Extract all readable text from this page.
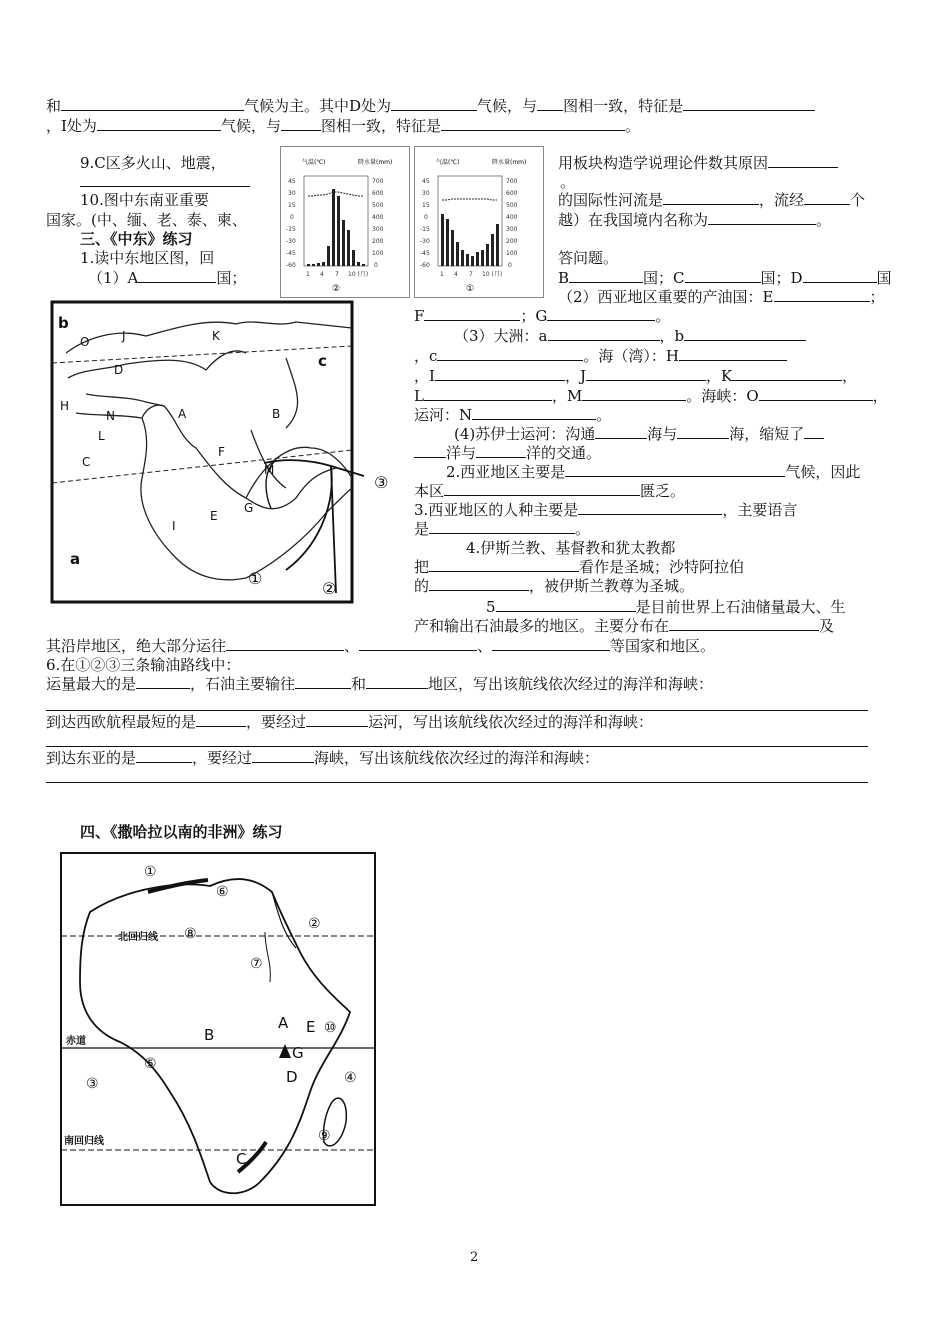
和	气候为主。其中D处为	气候，与 图相一致，特征是
，I处为	气候，与	图相一致，特征是	。
9.C区多火山、地震，	用板块构造学说理论件数其原因
。
10.图中东南亚重要	的国际性河流是	，流经	个
国家。(中、缅、老、泰、柬、	越）在我国境内名称为	。
三、《中东》练习
1.读中东地区图，回	答问题。
（1）A	国；
气温(℃)	降水量(mm)
45
30
15
0
-15
-30
-45
-60
700
600
500
400
300
200
100
0
1 4 7 10 (月)
②
气温(℃)	降水量(mm)
45
30
15
0
-15
-30
-45
-60
700
600
500
400
300
200
100
0
1 4 7 10 (月)
①
b
c
a
O	J	K
D
H
N	A	B
F
M
C
E
G
I
L
①
②
③
B	国；C	国；D	国
（2）西亚地区重要的产油国：E	；
F	；G	。
（3）大洲：a	，b
，c	。海（湾）：H
，I	，J	，K	，
L	，M	。海峡：O	，
运河：N	。
(4)苏伊士运河：沟通	海与	海，缩短了
洋与	洋的交通。
2.西亚地区主要是	气候，因此
本区	匮乏。
3.西亚地区的人种主要是	，主要语言
是	。
4.伊斯兰教、基督教和犹太教都
把	看作是圣城；沙特阿拉伯
的	，被伊斯兰教尊为圣城。
5	是目前世界上石油储量最大、生
产和输出石油最多的地区。主要分布在	及
其沿岸地区，绝大部分运往	、	、	等国家和地区。
6.在①②③三条输油路线中：
运量最大的是	，石油主要输往	和	地区，写出该航线依次经过的海洋和海峡：
到达西欧航程最短的是	，要经过	运河，写出该航线依次经过的海洋和海峡：
到达东亚的是	，要经过	海峡，写出该航线依次经过的海洋和海峡：
四、《撒哈拉以南的非洲》练习
①
⑥
②
⑧
⑦
⑩
⑤
③	④
⑨
北回归线
赤道
南回归线
A E
B
G
D
C
2
